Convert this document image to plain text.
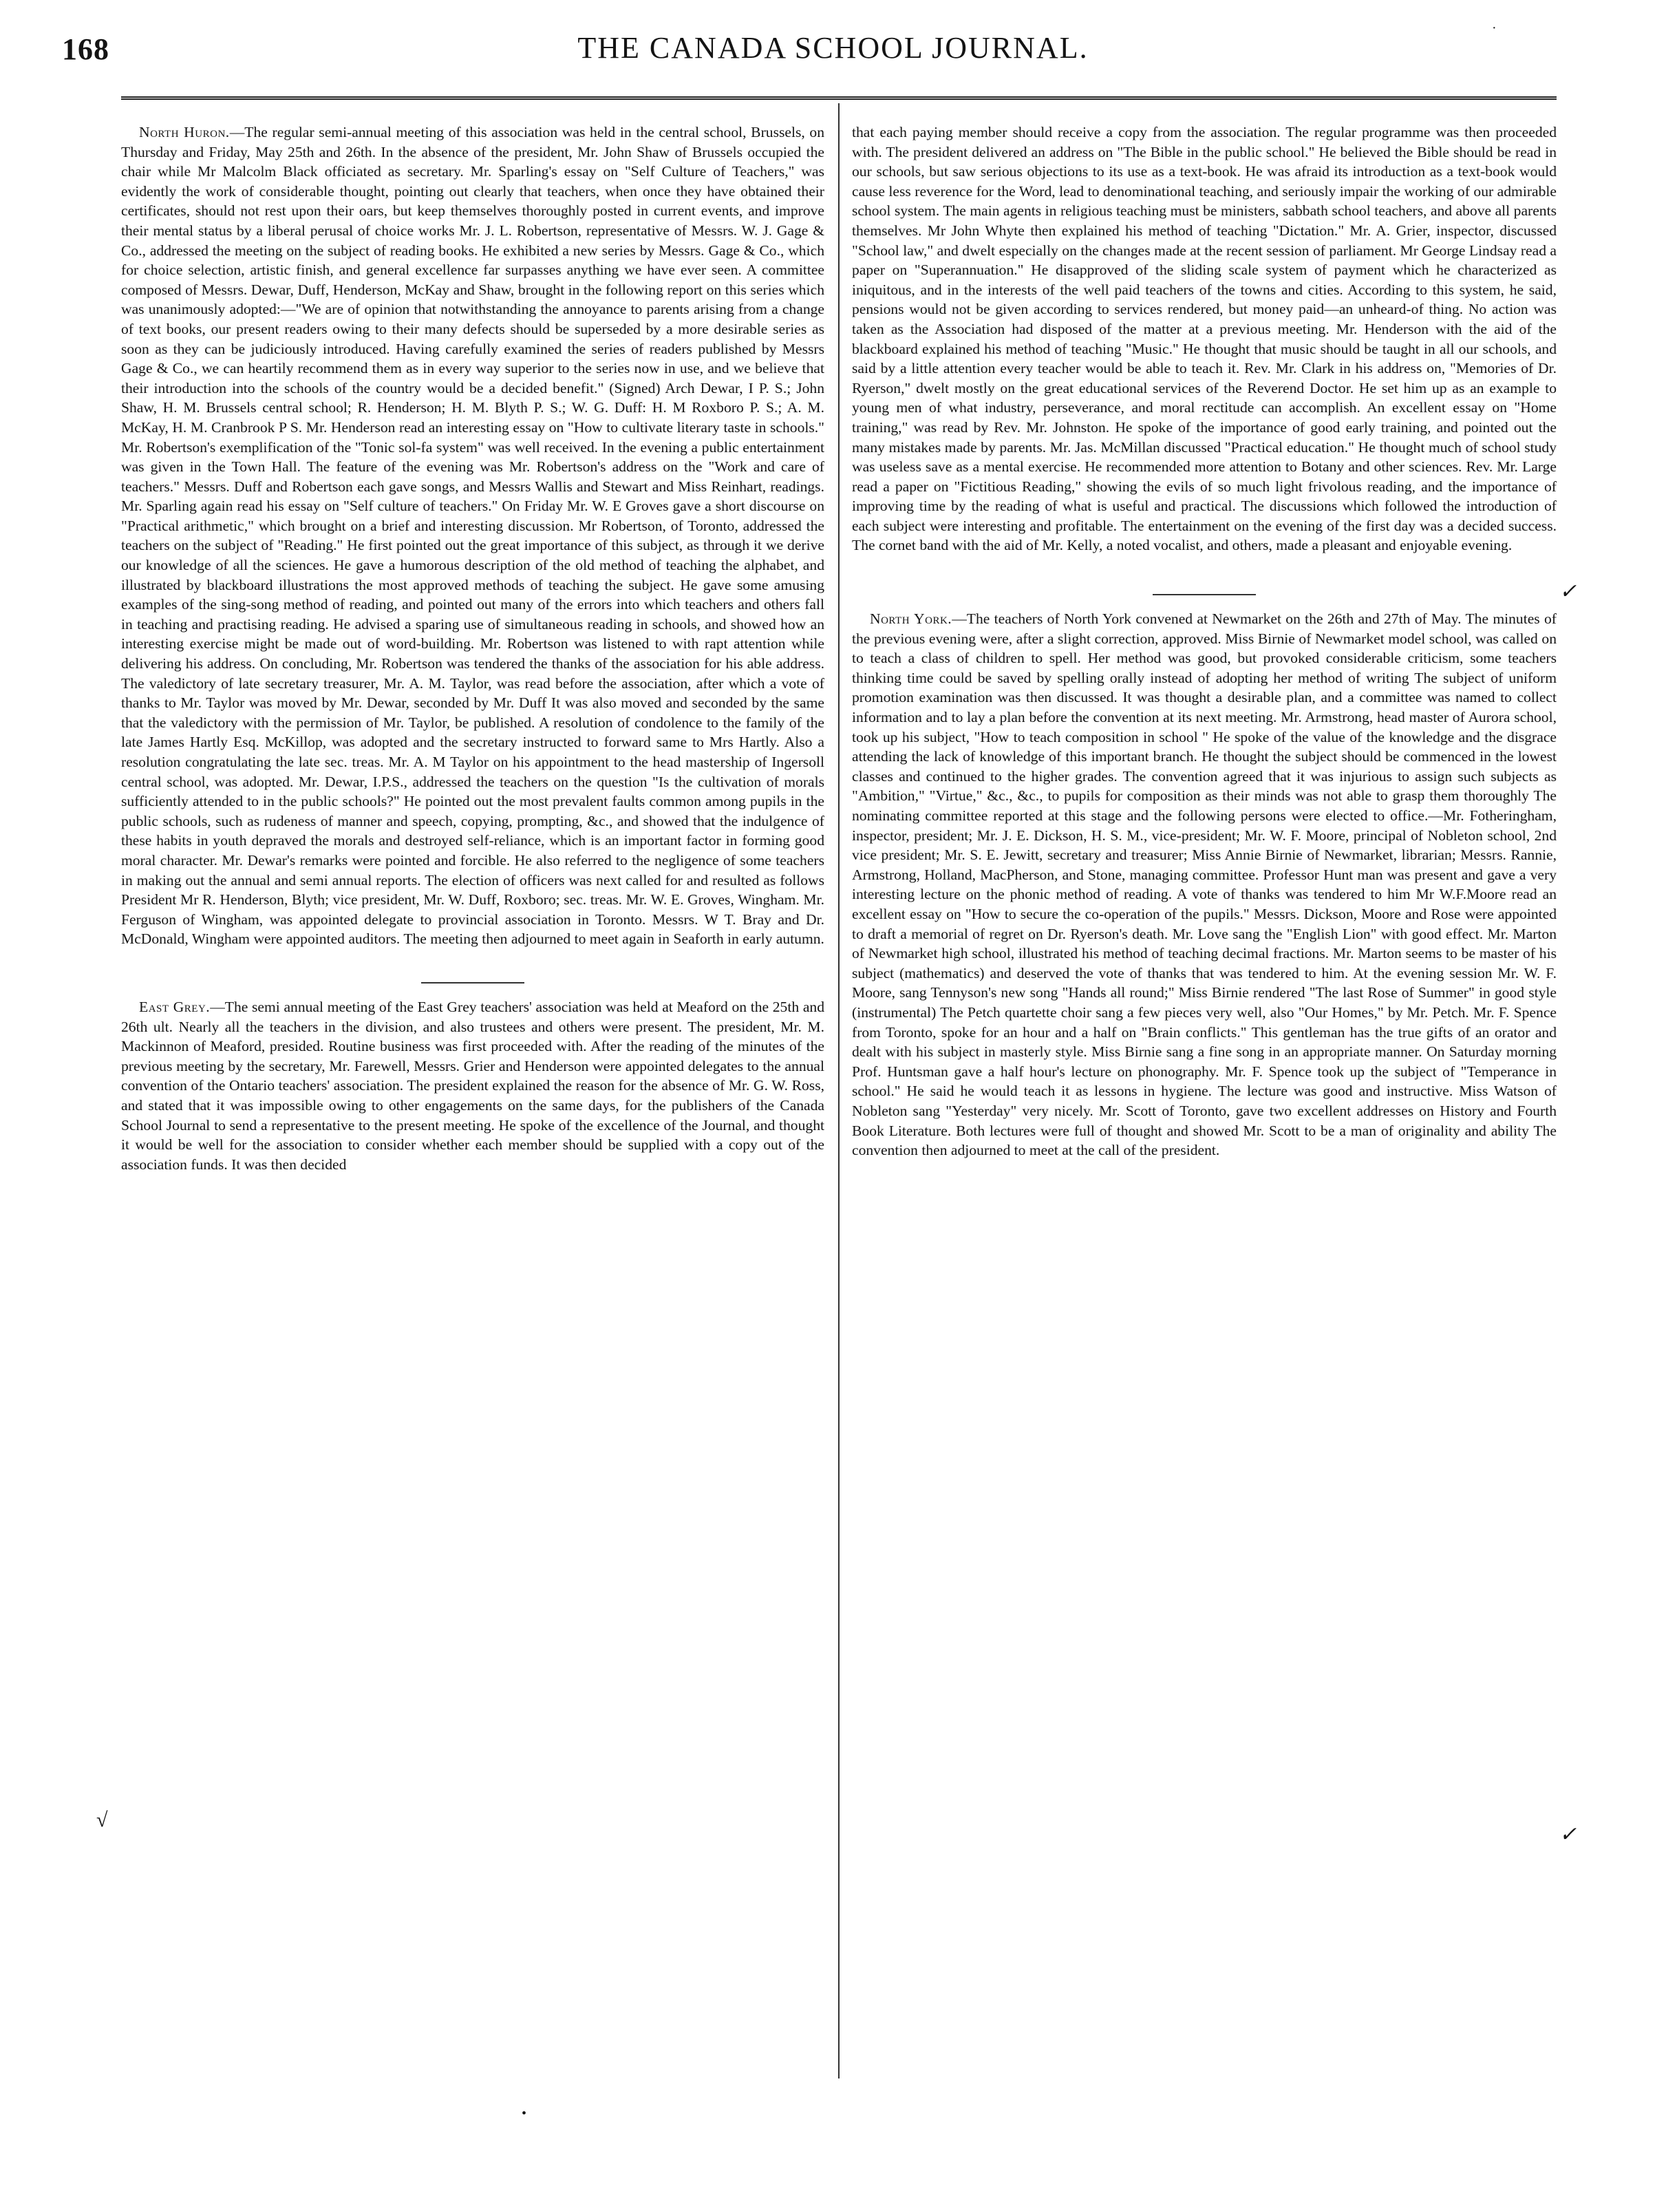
168	THE CANADA SCHOOL JOURNAL.

North Huron.—The regular semi-annual meeting of this association was held in the central school, Brussels, on Thursday and Friday, May 25th and 26th. In the absence of the president, Mr. John Shaw of Brussels occupied the chair while Mr Malcolm Black officiated as secretary. Mr. Sparling's essay on "Self Culture of Teachers," was evidently the work of considerable thought, pointing out clearly that teachers, when once they have obtained their certificates, should not rest upon their oars, but keep themselves thoroughly posted in current events, and improve their mental status by a liberal perusal of choice works Mr. J. L. Robertson, representative of Messrs. W. J. Gage & Co., addressed the meeting on the subject of reading books. He exhibited a new series by Messrs. Gage & Co., which for choice selection, artistic finish, and general excellence far surpasses anything we have ever seen. A committee composed of Messrs. Dewar, Duff, Henderson, McKay and Shaw, brought in the following report on this series which was unanimously adopted:—"We are of opinion that notwithstanding the annoyance to parents arising from a change of text books, our present readers owing to their many defects should be superseded by a more desirable series as soon as they can be judiciously introduced. Having carefully examined the series of readers published by Messrs Gage & Co., we can heartily recommend them as in every way superior to the series now in use, and we believe that their introduction into the schools of the country would be a decided benefit." (Signed) Arch Dewar, I P. S.; John Shaw, H. M. Brussels central school; R. Henderson; H. M. Blyth P. S.; W. G. Duff: H. M Roxboro P. S.; A. M. McKay, H. M. Cranbrook P S. Mr. Henderson read an interesting essay on "How to cultivate literary taste in schools." Mr. Robertson's exemplification of the "Tonic sol-fa system" was well received. In the evening a public entertainment was given in the Town Hall. The feature of the evening was Mr. Robertson's address on the "Work and care of teachers." Messrs. Duff and Robertson each gave songs, and Messrs Wallis and Stewart and Miss Reinhart, readings. Mr. Sparling again read his essay on "Self culture of teachers." On Friday Mr. W. E Groves gave a short discourse on "Practical arithmetic," which brought on a brief and interesting discussion. Mr Robertson, of Toronto, addressed the teachers on the subject of "Reading." He first pointed out the great importance of this subject, as through it we derive our knowledge of all the sciences. He gave a humorous description of the old method of teaching the alphabet, and illustrated by blackboard illustrations the most approved methods of teaching the subject. He gave some amusing examples of the sing-song method of reading, and pointed out many of the errors into which teachers and others fall in teaching and practising reading. He advised a sparing use of simultaneous reading in schools, and showed how an interesting exercise might be made out of word-building. Mr. Robertson was listened to with rapt attention while delivering his address. On concluding, Mr. Robertson was tendered the thanks of the association for his able address. The valedictory of late secretary treasurer, Mr. A. M. Taylor, was read before the association, after which a vote of thanks to Mr. Taylor was moved by Mr. Dewar, seconded by Mr. Duff It was also moved and seconded by the same that the valedictory with the permission of Mr. Taylor, be published. A resolution of condolence to the family of the late James Hartly Esq. McKillop, was adopted and the secretary instructed to forward same to Mrs Hartly. Also a resolution congratulating the late sec. treas. Mr. A. M Taylor on his appointment to the head mastership of Ingersoll central school, was adopted. Mr. Dewar, I.P.S., addressed the teachers on the question "Is the cultivation of morals sufficiently attended to in the public schools?" He pointed out the most prevalent faults common among pupils in the public schools, such as rudeness of manner and speech, copying, prompting, &c., and showed that the indulgence of these habits in youth depraved the morals and destroyed self-reliance, which is an important factor in forming good moral character. Mr. Dewar's remarks were pointed and forcible. He also referred to the negligence of some teachers in making out the annual and semi annual reports. The election of officers was next called for and resulted as follows President Mr R. Henderson, Blyth; vice president, Mr. W. Duff, Roxboro; sec. treas. Mr. W. E. Groves, Wingham. Mr. Ferguson of Wingham, was appointed delegate to provincial association in Toronto. Messrs. W T. Bray and Dr. McDonald, Wingham were appointed auditors. The meeting then adjourned to meet again in Seaforth in early autumn.

East Grey.—The semi annual meeting of the East Grey teachers' association was held at Meaford on the 25th and 26th ult. Nearly all the teachers in the division, and also trustees and others were present. The president, Mr. M. Mackinnon of Meaford, presided. Routine business was first proceeded with. After the reading of the minutes of the previous meeting by the secretary, Mr. Farewell, Messrs. Grier and Henderson were appointed delegates to the annual convention of the Ontario teachers' association. The president explained the reason for the absence of Mr. G. W. Ross, and stated that it was impossible owing to other engagements on the same days, for the publishers of the Canada School Journal to send a representative to the present meeting. He spoke of the excellence of the Journal, and thought it would be well for the association to consider whether each member should be supplied with a copy out of the association funds. It was then decided

that each paying member should receive a copy from the association. The regular programme was then proceeded with. The president delivered an address on "The Bible in the public school." He believed the Bible should be read in our schools, but saw serious objections to its use as a text-book. He was afraid its introduction as a text-book would cause less reverence for the Word, lead to denominational teaching, and seriously impair the working of our admirable school system. The main agents in religious teaching must be ministers, sabbath school teachers, and above all parents themselves. Mr John Whyte then explained his method of teaching "Dictation." Mr. A. Grier, inspector, discussed "School law," and dwelt especially on the changes made at the recent session of parliament. Mr George Lindsay read a paper on "Superannuation." He disapproved of the sliding scale system of payment which he characterized as iniquitous, and in the interests of the well paid teachers of the towns and cities. According to this system, he said, pensions would not be given according to services rendered, but money paid—an unheard-of thing. No action was taken as the Association had disposed of the matter at a previous meeting. Mr. Henderson with the aid of the blackboard explained his method of teaching "Music." He thought that music should be taught in all our schools, and said by a little attention every teacher would be able to teach it. Rev. Mr. Clark in his address on, "Memories of Dr. Ryerson," dwelt mostly on the great educational services of the Reverend Doctor. He set him up as an example to young men of what industry, perseverance, and moral rectitude can accomplish. An excellent essay on "Home training," was read by Rev. Mr. Johnston. He spoke of the importance of good early training, and pointed out the many mistakes made by parents. Mr. Jas. McMillan discussed "Practical education." He thought much of school study was useless save as a mental exercise. He recommended more attention to Botany and other sciences. Rev. Mr. Large read a paper on "Fictitious Reading," showing the evils of so much light frivolous reading, and the importance of improving time by the reading of what is useful and practical. The discussions which followed the introduction of each subject were interesting and profitable. The entertainment on the evening of the first day was a decided success. The cornet band with the aid of Mr. Kelly, a noted vocalist, and others, made a pleasant and enjoyable evening.

North York.—The teachers of North York convened at Newmarket on the 26th and 27th of May. The minutes of the previous evening were, after a slight correction, approved. Miss Birnie of Newmarket model school, was called on to teach a class of children to spell. Her method was good, but provoked considerable criticism, some teachers thinking time could be saved by spelling orally instead of adopting her method of writing The subject of uniform promotion examination was then discussed. It was thought a desirable plan, and a committee was named to collect information and to lay a plan before the convention at its next meeting. Mr. Armstrong, head master of Aurora school, took up his subject, "How to teach composition in school " He spoke of the value of the knowledge and the disgrace attending the lack of knowledge of this important branch. He thought the subject should be commenced in the lowest classes and continued to the higher grades. The convention agreed that it was injurious to assign such subjects as "Ambition," "Virtue," &c., &c., to pupils for composition as their minds was not able to grasp them thoroughly The nominating committee reported at this stage and the following persons were elected to office.—Mr. Fotheringham, inspector, president; Mr. J. E. Dickson, H. S. M., vice-president; Mr. W. F. Moore, principal of Nobleton school, 2nd vice president; Mr. S. E. Jewitt, secretary and treasurer; Miss Annie Birnie of Newmarket, librarian; Messrs. Rannie, Armstrong, Holland, MacPherson, and Stone, managing committee. Professor Hunt man was present and gave a very interesting lecture on the phonic method of reading. A vote of thanks was tendered to him Mr W.F.Moore read an excellent essay on "How to secure the co-operation of the pupils." Messrs. Dickson, Moore and Rose were appointed to draft a memorial of regret on Dr. Ryerson's death. Mr. Love sang the "English Lion" with good effect. Mr. Marton of Newmarket high school, illustrated his method of teaching decimal fractions. Mr. Marton seems to be master of his subject (mathematics) and deserved the vote of thanks that was tendered to him. At the evening session Mr. W. F. Moore, sang Tennyson's new song "Hands all round;" Miss Birnie rendered "The last Rose of Summer" in good style (instrumental) The Petch quartette choir sang a few pieces very well, also "Our Homes," by Mr. Petch. Mr. F. Spence from Toronto, spoke for an hour and a half on "Brain conflicts." This gentleman has the true gifts of an orator and dealt with his subject in masterly style. Miss Birnie sang a fine song in an appropriate manner. On Saturday morning Prof. Huntsman gave a half hour's lecture on phonography. Mr. F. Spence took up the subject of "Temperance in school." He said he would teach it as lessons in hygiene. The lecture was good and instructive. Miss Watson of Nobleton sang "Yesterday" very nicely. Mr. Scott of Toronto, gave two excellent addresses on History and Fourth Book Literature. Both lectures were full of thought and showed Mr. Scott to be a man of originality and ability The convention then adjourned to meet at the call of the president.

✓
✓
√
·
•
